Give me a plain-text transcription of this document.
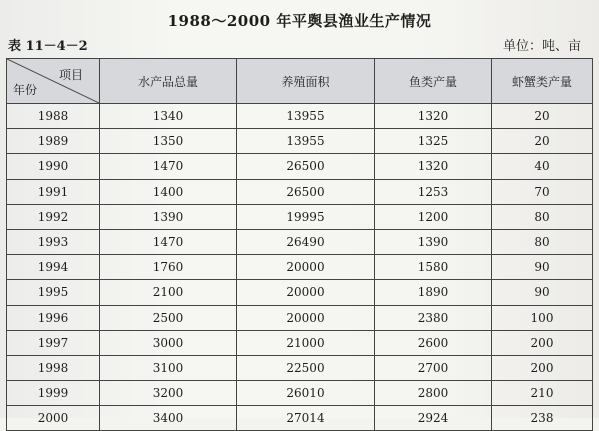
1988～2000 年平舆县渔业生产情况
表 11－4－2	单位：吨、亩
项目
年份	水产品总量	养殖面积	鱼类产量	虾蟹类产量
1988	1340	13955	1320	20
1989	1350	13955	1325	20
1990	1470	26500	1320	40
1991	1400	26500	1253	70
1992	1390	19995	1200	80
1993	1470	26490	1390	80
1994	1760	20000	1580	90
1995	2100	20000	1890	90
1996	2500	20000	2380	100
1997	3000	21000	2600	200
1998	3100	22500	2700	200
1999	3200	26010	2800	210
2000	3400	27014	2924	238
